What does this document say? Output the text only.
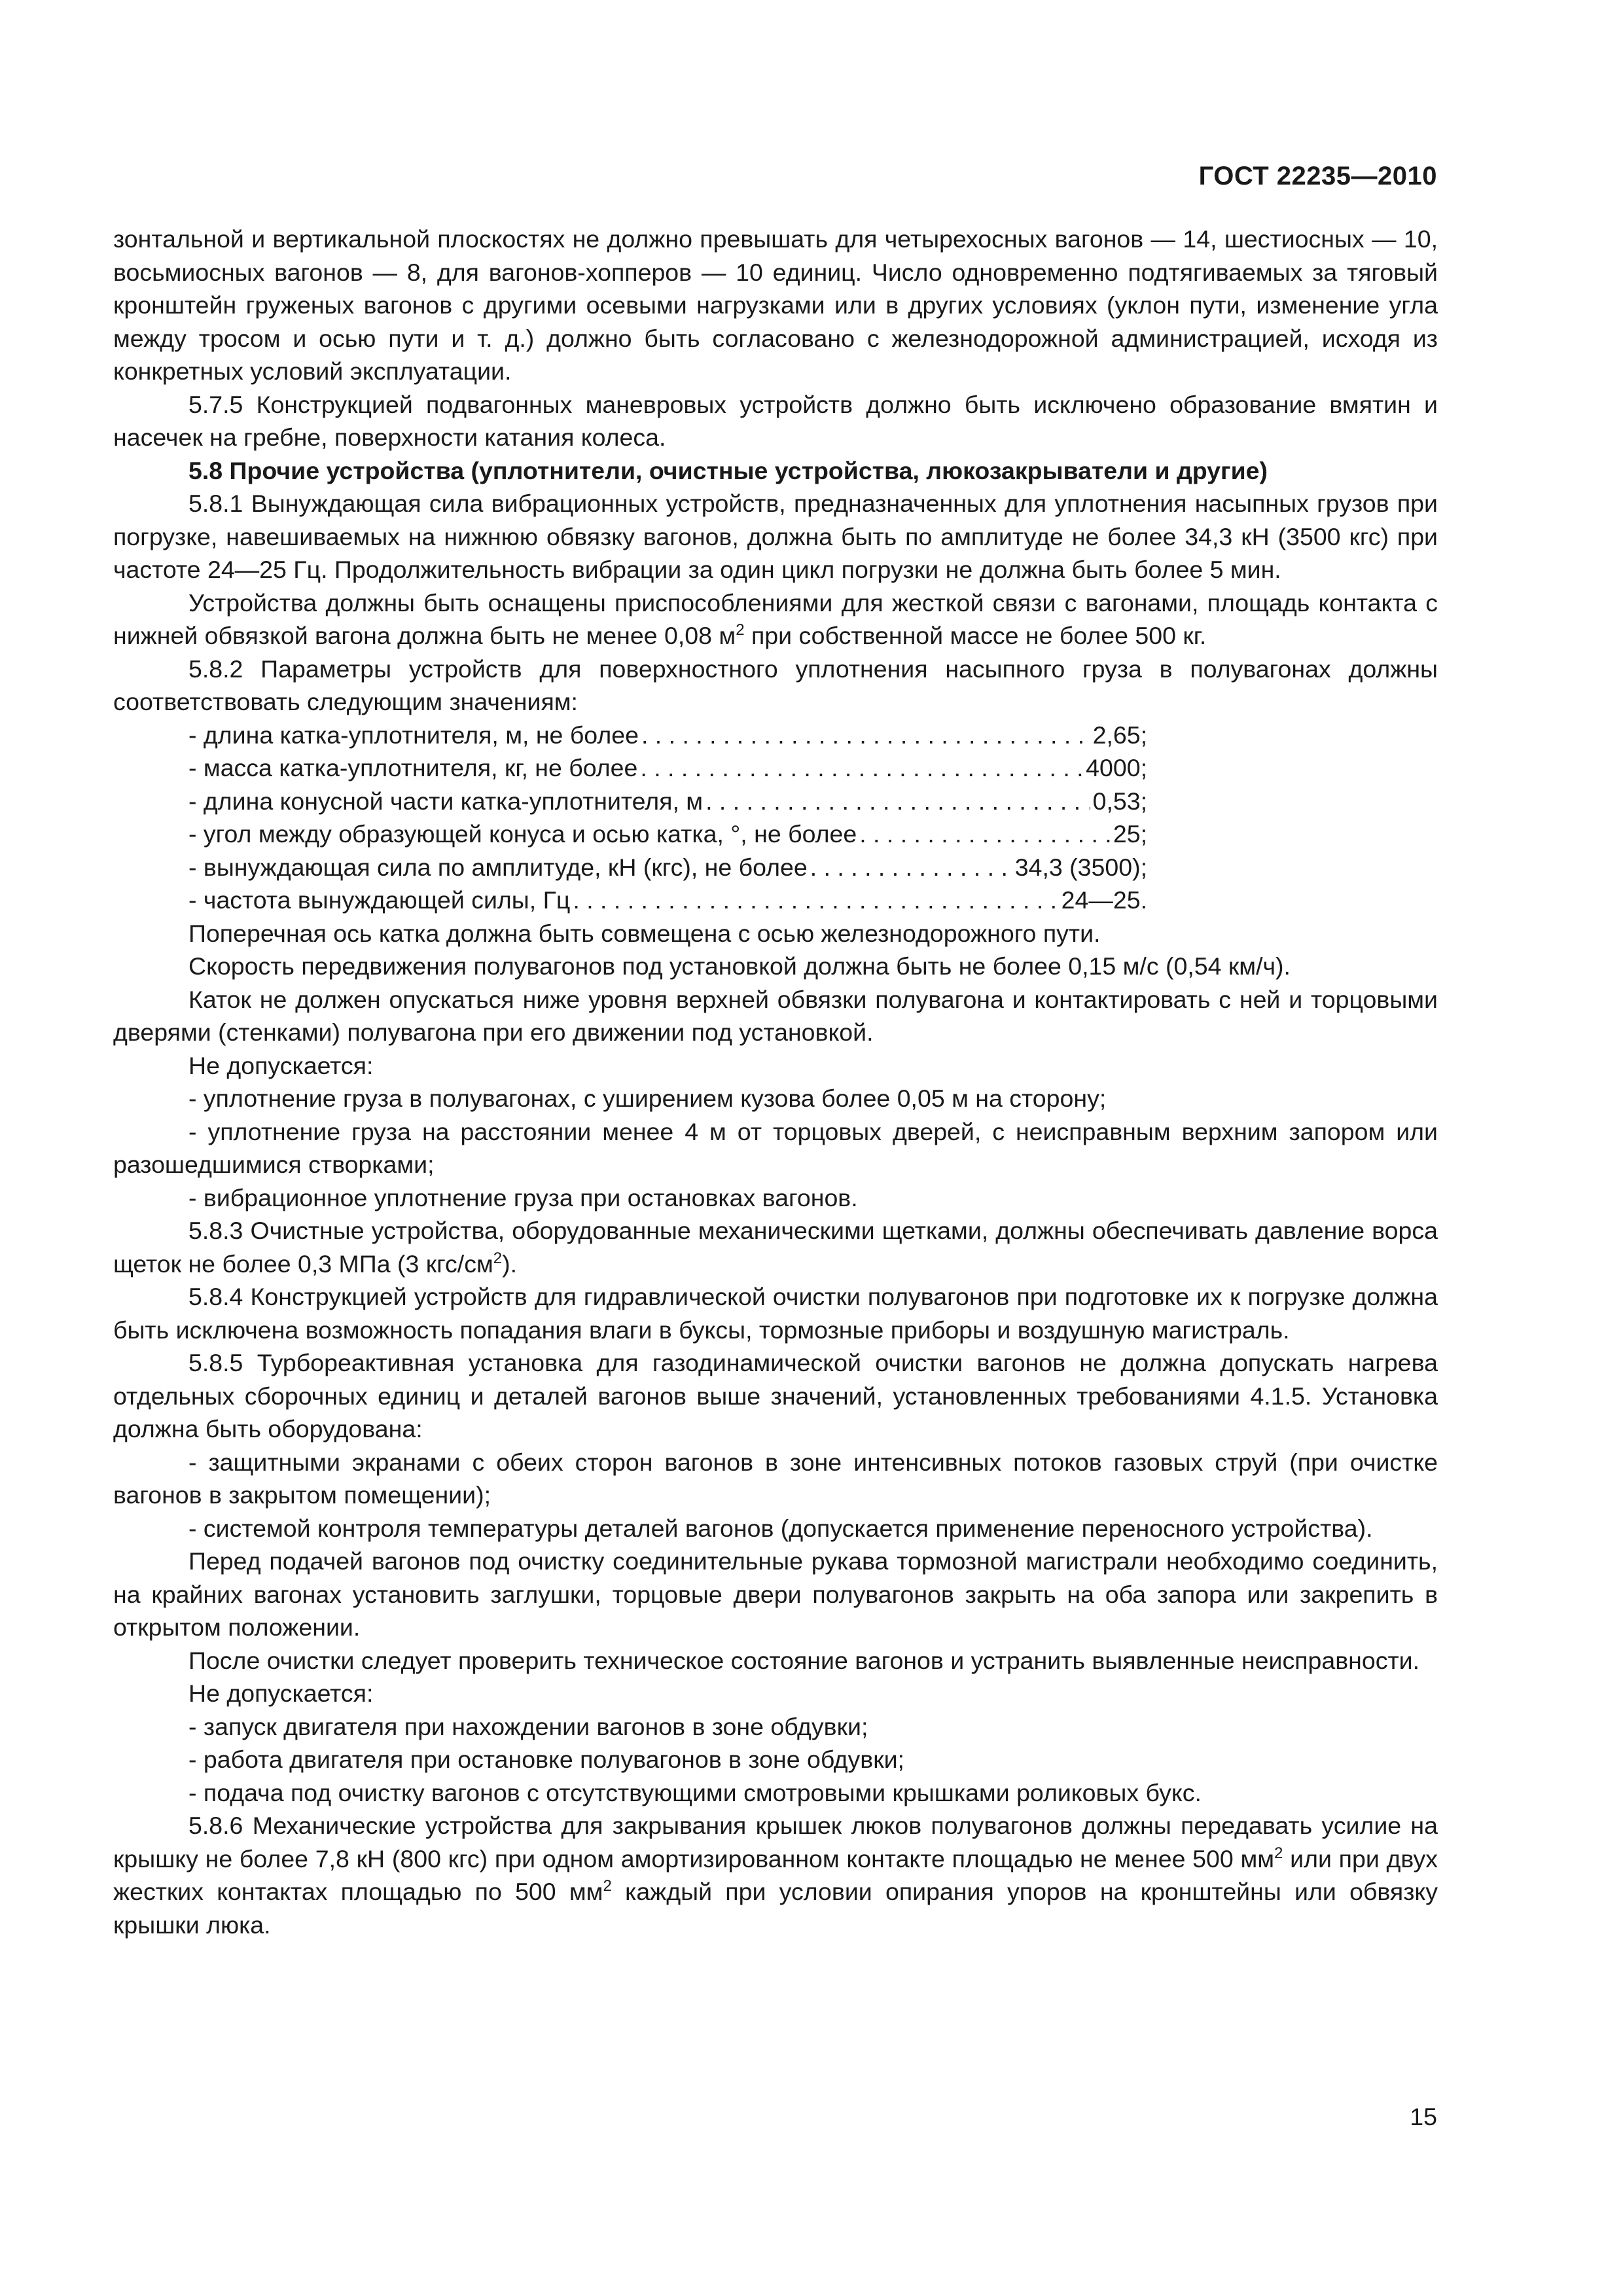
ГОСТ 22235—2010

зонтальной и вертикальной плоскостях не должно превышать для четырехосных вагонов — 14, шестиосных — 10, восьмиосных вагонов — 8, для вагонов-хопперов — 10 единиц. Число одновременно подтягиваемых за тяговый кронштейн груженых вагонов с другими осевыми нагрузками или в других условиях (уклон пути, изменение угла между тросом и осью пути и т. д.) должно быть согласовано с железнодорожной администрацией, исходя из конкретных условий эксплуатации.

5.7.5 Конструкцией подвагонных маневровых устройств должно быть исключено образование вмятин и насечек на гребне, поверхности катания колеса.

5.8 Прочие устройства (уплотнители, очистные устройства, люкозакрыватели и другие)

5.8.1 Вынуждающая сила вибрационных устройств, предназначенных для уплотнения насыпных грузов при погрузке, навешиваемых на нижнюю обвязку вагонов, должна быть по амплитуде не более 34,3 кН (3500 кгс) при частоте 24—25 Гц. Продолжительность вибрации за один цикл погрузки не должна быть более 5 мин.

Устройства должны быть оснащены приспособлениями для жесткой связи с вагонами, площадь контакта с нижней обвязкой вагона должна быть не менее 0,08 $м^2$ при собственной массе не более 500 кг.

5.8.2 Параметры устройств для поверхностного уплотнения насыпного груза в полувагонах должны соответствовать следующим значениям:

- длина катка-уплотнителя, м, не более . . .	2,65;
- масса катка-уплотнителя, кг, не более . . .	4000;
- длина конусной части катка-уплотнителя, м . . .	0,53;
- угол между образующей конуса и осью катка, °, не более . . .	25;
- вынуждающая сила по амплитуде, кН (кгс), не более . . .	34,3 (3500);
- частота вынуждающей силы, Гц . . .	24—25.

Поперечная ось катка должна быть совмещена с осью железнодорожного пути.

Скорость передвижения полувагонов под установкой должна быть не более 0,15 м/с (0,54 км/ч).

Каток не должен опускаться ниже уровня верхней обвязки полувагона и контактировать с ней и торцовыми дверями (стенками) полувагона при его движении под установкой.

Не допускается:

- уплотнение груза в полувагонах, с уширением кузова более 0,05 м на сторону;

- уплотнение груза на расстоянии менее 4 м от торцовых дверей, с неисправным верхним запором или разошедшимися створками;

- вибрационное уплотнение груза при остановках вагонов.

5.8.3 Очистные устройства, оборудованные механическими щетками, должны обеспечивать давление ворса щеток не более 0,3 МПа (3 кгс/$см^2$).

5.8.4 Конструкцией устройств для гидравлической очистки полувагонов при подготовке их к погрузке должна быть исключена возможность попадания влаги в буксы, тормозные приборы и воздушную магистраль.

5.8.5 Турбореактивная установка для газодинамической очистки вагонов не должна допускать нагрева отдельных сборочных единиц и деталей вагонов выше значений, установленных требованиями 4.1.5. Установка должна быть оборудована:

- защитными экранами с обеих сторон вагонов в зоне интенсивных потоков газовых струй (при очистке вагонов в закрытом помещении);

- системой контроля температуры деталей вагонов (допускается применение переносного устройства).

Перед подачей вагонов под очистку соединительные рукава тормозной магистрали необходимо соединить, на крайних вагонах установить заглушки, торцовые двери полувагонов закрыть на оба запора или закрепить в открытом положении.

После очистки следует проверить техническое состояние вагонов и устранить выявленные неисправности.

Не допускается:

- запуск двигателя при нахождении вагонов в зоне обдувки;

- работа двигателя при остановке полувагонов в зоне обдувки;

- подача под очистку вагонов с отсутствующими смотровыми крышками роликовых букс.

5.8.6 Механические устройства для закрывания крышек люков полувагонов должны передавать усилие на крышку не более 7,8 кН (800 кгс) при одном амортизированном контакте площадью не менее 500 $мм^2$ или при двух жестких контактах площадью по 500 $мм^2$ каждый при условии опирания упоров на кронштейны или обвязку крышки люка.

15
